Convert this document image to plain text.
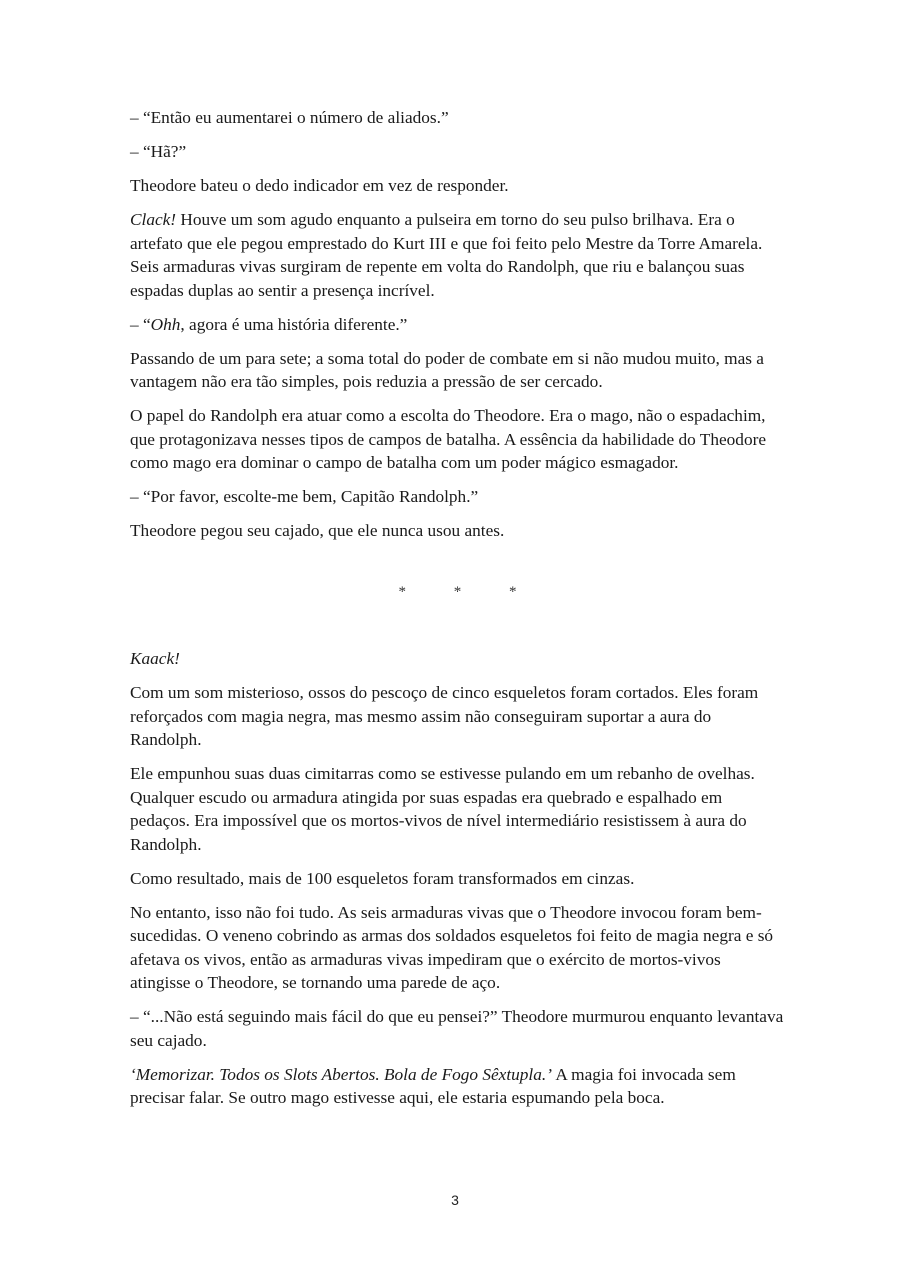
– “Então eu aumentarei o número de aliados.”

– “Hã?”

Theodore bateu o dedo indicador em vez de responder.

Clack! Houve um som agudo enquanto a pulseira em torno do seu pulso brilhava. Era o artefato que ele pegou emprestado do Kurt III e que foi feito pelo Mestre da Torre Amarela. Seis armaduras vivas surgiram de repente em volta do Randolph, que riu e balançou suas espadas duplas ao sentir a presença incrível.

– “Ohh, agora é uma história diferente.”

Passando de um para sete; a soma total do poder de combate em si não mudou muito, mas a vantagem não era tão simples, pois reduzia a pressão de ser cercado.

O papel do Randolph era atuar como a escolta do Theodore. Era o mago, não o espadachim, que protagonizava nesses tipos de campos de batalha. A essência da habilidade do Theodore como mago era dominar o campo de batalha com um poder mágico esmagador.

– “Por favor, escolte-me bem, Capitão Randolph.”

Theodore pegou seu cajado, que ele nunca usou antes.

* * *

Kaack!

Com um som misterioso, ossos do pescoço de cinco esqueletos foram cortados. Eles foram reforçados com magia negra, mas mesmo assim não conseguiram suportar a aura do Randolph.

Ele empunhou suas duas cimitarras como se estivesse pulando em um rebanho de ovelhas. Qualquer escudo ou armadura atingida por suas espadas era quebrado e espalhado em pedaços. Era impossível que os mortos-vivos de nível intermediário resistissem à aura do Randolph.

Como resultado, mais de 100 esqueletos foram transformados em cinzas.

No entanto, isso não foi tudo. As seis armaduras vivas que o Theodore invocou foram bem-sucedidas. O veneno cobrindo as armas dos soldados esqueletos foi feito de magia negra e só afetava os vivos, então as armaduras vivas impediram que o exército de mortos-vivos atingisse o Theodore, se tornando uma parede de aço.

– “...Não está seguindo mais fácil do que eu pensei?” Theodore murmurou enquanto levantava seu cajado.

‘Memorizar. Todos os Slots Abertos. Bola de Fogo Sêxtupla.’ A magia foi invocada sem precisar falar. Se outro mago estivesse aqui, ele estaria espumando pela boca.

3
